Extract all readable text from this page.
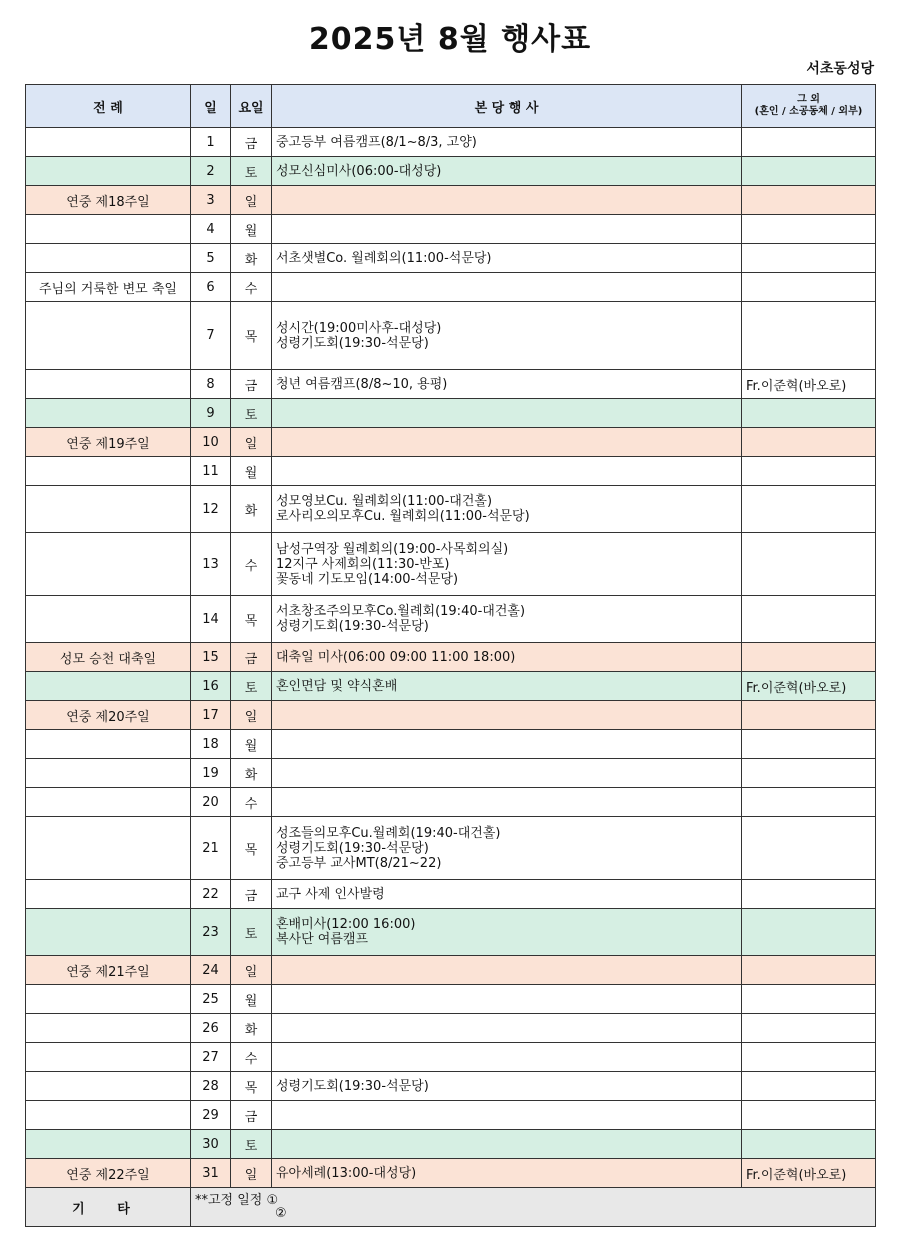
2025년 8월 행사표
서초동성당
전 례	일	요일	본 당 행 사	그 외
(혼인 / 소공동체 / 외부)

	1	금	중고등부 여름캠프(8/1~8/3, 고양)	

	2	토	성모신심미사(06:00-대성당)	

연중 제18주일	3	일		
	4	월		
	5	화	서초샛별Co. 월례회의(11:00-석문당)	

주님의 거룩한 변모 축일	6	수		
	7	목	성시간(19:00미사후-대성당)
성령기도회(19:30-석문당)	

	8	금	청년 여름캠프(8/8~10, 용평)	Fr.이준혁(바오로)
	9	토		
연중 제19주일	10	일		
	11	월		
	12	화	성모영보Cu. 월례회의(11:00-대건홀)
로사리오의모후Cu. 월례회의(11:00-석문당)	

	13	수	남성구역장 월례회의(19:00-사목회의실)
12지구 사제회의(11:30-반포)
꽃동네 기도모임(14:00-석문당)	

	14	목	서초창조주의모후Co.월례회(19:40-대건홀)
성령기도회(19:30-석문당)	

성모 승천 대축일	15	금	대축일 미사(06:00 09:00 11:00 18:00)	

	16	토	혼인면담 및 약식혼배	Fr.이준혁(바오로)
연중 제20주일	17	일		
	18	월		
	19	화		
	20	수		
	21	목	성조들의모후Cu.월례회(19:40-대건홀)
성령기도회(19:30-석문당)
중고등부 교사MT(8/21~22)	

	22	금	교구 사제 인사발령	

	23	토	혼배미사(12:00 16:00)
복사단 여름캠프	

연중 제21주일	24	일		
	25	월		
	26	화		
	27	수		
	28	목	성령기도회(19:30-석문당)	

	29	금		
	30	토		
연중 제22주일	31	일	유아세례(13:00-대성당)	Fr.이준혁(바오로)
기 타	**고정 일정 ①
②			
